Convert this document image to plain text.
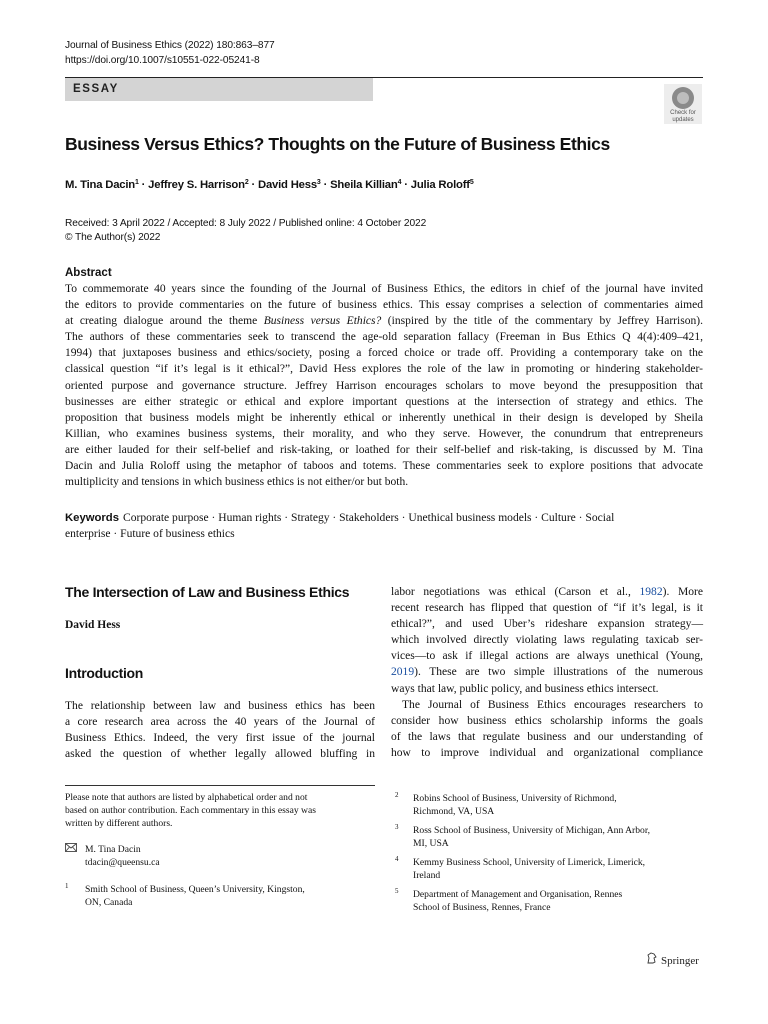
Journal of Business Ethics (2022) 180:863–877
https://doi.org/10.1007/s10551-022-05241-8
ESSAY
Check for
updates
Business Versus Ethics? Thoughts on the Future of Business Ethics
M. Tina Dacin$^1$ · Jeffrey S. Harrison$^2$ · David Hess$^3$ · Sheila Killian$^4$ · Julia Roloff$^5$
Received: 3 April 2022 / Accepted: 8 July 2022 / Published online: 4 October 2022
© The Author(s) 2022
Abstract
To commemorate 40 years since the founding of the Journal of Business Ethics, the editors in chief of the journal have invited
the editors to provide commentaries on the future of business ethics. This essay comprises a selection of commentaries aimed
at creating dialogue around the theme Business versus Ethics? (inspired by the title of the commentary by Jeffrey Harrison).
The authors of these commentaries seek to transcend the age-old separation fallacy (Freeman in Bus Ethics Q 4(4):409–421,
1994) that juxtaposes business and ethics/society, posing a forced choice or trade off. Providing a contemporary take on the
classical question “if it’s legal is it ethical?”, David Hess explores the role of the law in promoting or hindering stakeholder-
oriented purpose and governance structure. Jeffrey Harrison encourages scholars to move beyond the presupposition that
businesses are either strategic or ethical and explore important questions at the intersection of strategy and ethics. The
proposition that business models might be inherently ethical or inherently unethical in their design is developed by Sheila
Killian, who examines business systems, their morality, and who they serve. However, the conundrum that entrepreneurs
are either lauded for their self-belief and risk-taking, or loathed for their self-belief and risk-taking, is discussed by M. Tina
Dacin and Julia Roloff using the metaphor of taboos and totems. These commentaries seek to explore positions that advocate
multiplicity and tensions in which business ethics is not either/or but both.
Keywords Corporate purpose · Human rights · Strategy · Stakeholders · Unethical business models · Culture · Social
enterprise · Future of business ethics
The Intersection of Law and Business Ethics
David Hess
Introduction
The relationship between law and business ethics has been
a core research area across the 40 years of the Journal of
Business Ethics. Indeed, the very first issue of the journal
asked the question of whether legally allowed bluffing in
labor negotiations was ethical (Carson et al., 1982). More
recent research has flipped that question of “if it’s legal, is it
ethical?”, and used Uber’s rideshare expansion strategy—
which involved directly violating laws regulating taxicab ser-
vices—to ask if illegal actions are always unethical (Young,
2019). These are two simple illustrations of the numerous
ways that law, public policy, and business ethics intersect.
The Journal of Business Ethics encourages researchers to
consider how business ethics scholarship informs the goals
of the laws that regulate business and our understanding of
how to improve individual and organizational compliance
Please note that authors are listed by alphabetical order and not
based on author contribution. Each commentary in this essay was
written by different authors.
M. Tina Dacin
tdacin@queensu.ca
1	Smith School of Business, Queen’s University, Kingston,
ON, Canada
2	Robins School of Business, University of Richmond,
Richmond, VA, USA
3	Ross School of Business, University of Michigan, Ann Arbor,
MI, USA
4	Kemmy Business School, University of Limerick, Limerick,
Ireland
5	Department of Management and Organisation, Rennes
School of Business, Rennes, France
Springer
